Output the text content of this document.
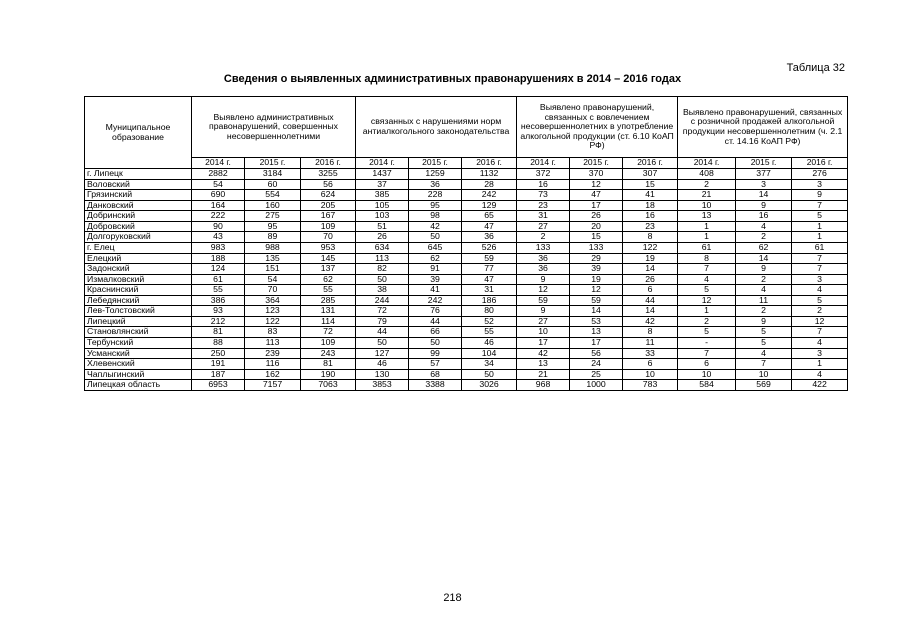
Таблица 32
Сведения о выявленных административных правонарушениях в 2014 – 2016 годах
Муниципальное образование	Выявлено административных правонарушений, совершенных несовершеннолетними			связанных с нарушениями норм антиалкогольного законодательства			Выявлено правонарушений, связанных с вовлечением несовершеннолетних в употребление алкогольной продукции (ст. 6.10 КоАП РФ)			Выявлено правонарушений, связанных с розничной продажей алкогольной продукции несовершеннолетним (ч. 2.1 ст. 14.16 КоАП РФ)		
	2014 г.	2015 г.	2016 г.	2014 г.	2015 г.	2016 г.	2014 г.	2015 г.	2016 г.	2014 г.	2015 г.	2016 г.
г. Липецк	2882	3184	3255	1437	1259	1132	372	370	307	408	377	276
Воловский	54	60	56	37	36	28	16	12	15	2	3	3
Грязинский	690	554	624	385	228	242	73	47	41	21	14	9
Данковский	164	160	205	105	95	129	23	17	18	10	9	7
Добринский	222	275	167	103	98	65	31	26	16	13	16	5
Добровский	90	95	109	51	42	47	27	20	23	1	4	1
Долгоруковский	43	89	70	26	50	36	2	15	8	1	2	1
г. Елец	983	988	953	634	645	526	133	133	122	61	62	61
Елецкий	188	135	145	113	62	59	36	29	19	8	14	7
Задонский	124	151	137	82	91	77	36	39	14	7	9	7
Измалковский	61	54	62	50	39	47	9	19	26	4	2	3
Краснинский	55	70	55	38	41	31	12	12	6	5	4	4
Лебедянский	386	364	285	244	242	186	59	59	44	12	11	5
Лев-Толстовский	93	123	131	72	76	80	9	14	14	1	2	2
Липецкий	212	122	114	79	44	52	27	53	42	2	9	12
Становлянский	81	83	72	44	66	55	10	13	8	5	5	7
Тербунский	88	113	109	50	50	46	17	17	11	-	5	4
Усманский	250	239	243	127	99	104	42	56	33	7	4	3
Хлевенский	191	116	81	46	57	34	13	24	6	6	7	1
Чаплыгинский	187	162	190	130	68	50	21	25	10	10	10	4
Липецкая область	6953	7157	7063	3853	3388	3026	968	1000	783	584	569	422
218
